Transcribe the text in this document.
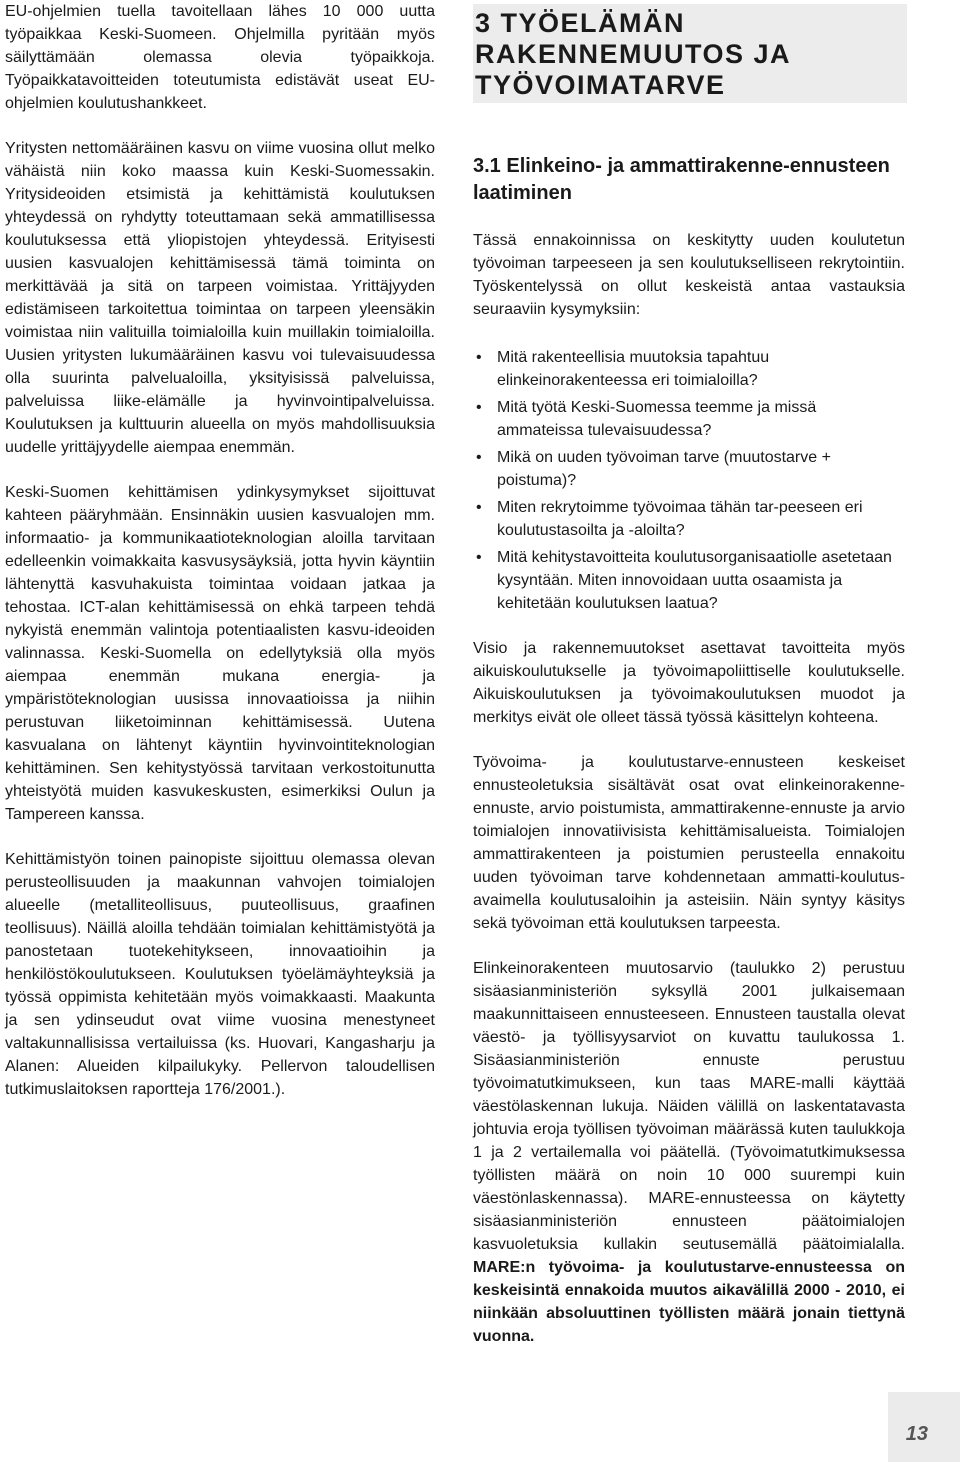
EU-ohjelmien tuella tavoitellaan lähes 10 000 uutta työpaikkaa Keski-Suomeen. Ohjelmilla pyritään myös säilyttämään olemassa olevia työpaikkoja. Työpaikkatavoitteiden toteutumista edistävät useat EU-ohjelmien koulutushankkeet.

Yritysten nettomääräinen kasvu on viime vuosina ollut melko vähäistä niin koko maassa kuin Keski-Suomessakin. Yritysideoiden etsimistä ja kehittämistä koulutuksen yhteydessä on ryhdytty toteuttamaan sekä ammatillisessa koulutuksessa että yliopistojen yhteydessä. Erityisesti uusien kasvualojen kehittämisessä tämä toiminta on merkittävää ja sitä on tarpeen voimistaa. Yrittäjyyden edistämiseen tarkoitettua toimintaa on tarpeen yleensäkin voimistaa niin valituilla toimialoilla kuin muillakin toimialoilla. Uusien yritysten lukumääräinen kasvu voi tulevaisuudessa olla suurinta palvelualoilla, yksityisissä palveluissa, palveluissa liike-elämälle ja hyvinvointipalveluissa. Koulutuksen ja kulttuurin alueella on myös mahdollisuuksia uudelle yrittäjyydelle aiempaa enemmän.

Keski-Suomen kehittämisen ydinkysymykset sijoittuvat kahteen pääryhmään. Ensinnäkin uusien kasvualojen mm. informaatio- ja kommunikaatioteknologian aloilla tarvitaan edelleenkin voimakkaita kasvusysäyksiä, jotta hyvin käyntiin lähtenyttä kasvuhakuista toimintaa voidaan jatkaa ja tehostaa. ICT-alan kehittämisessä on ehkä tarpeen tehdä nykyistä enemmän valintoja potentiaalisten kasvu-ideoiden valinnassa. Keski-Suomella on edellytyksiä olla myös aiempaa enemmän mukana energia- ja ympäristöteknologian uusissa innovaatioissa ja niihin perustuvan liiketoiminnan kehittämisessä. Uutena kasvualana on lähtenyt käyntiin hyvinvointiteknologian kehittäminen. Sen kehitystyössä tarvitaan verkostoitunutta yhteistyötä muiden kasvukeskusten, esimerkiksi Oulun ja Tampereen kanssa.

Kehittämistyön toinen painopiste sijoittuu olemassa olevan perusteollisuuden ja maakunnan vahvojen toimialojen alueelle (metalliteollisuus, puuteollisuus, graafinen teollisuus). Näillä aloilla tehdään toimialan kehittämistyötä ja panostetaan tuotekehitykseen, innovaatioihin ja henkilöstökoulutukseen. Koulutuksen työelämäyhteyksiä ja työssä oppimista kehitetään myös voimakkaasti. Maakunta ja sen ydinseudut ovat viime vuosina menestyneet valtakunnallisissa vertailuissa (ks. Huovari, Kangasharju ja Alanen: Alueiden kilpailukyky. Pellervon taloudellisen tutkimuslaitoksen raportteja 176/2001.).

3 TYÖELÄMÄN RAKENNEMUUTOS JA TYÖVOIMATARVE
3.1 Elinkeino- ja ammattirakenne-ennusteen laatiminen

Tässä ennakoinnissa on keskitytty uuden koulutetun työvoiman tarpeeseen ja sen koulutukselliseen rekrytointiin. Työskentelyssä on ollut keskeistä antaa vastauksia seuraaviin kysymyksiin:

• Mitä rakenteellisia muutoksia tapahtuu elinkeinorakenteessa eri toimialoilla?
• Mitä työtä Keski-Suomessa teemme ja missä ammateissa tulevaisuudessa?
• Mikä on uuden työvoiman tarve (muutostarve + poistuma)?
• Miten rekrytoimme työvoimaa tähän tar-peeseen eri koulutustasoilta ja -aloilta?
• Mitä kehitystavoitteita koulutusorganisaatiolle asetetaan kysyntään. Miten innovoidaan uutta osaamista ja kehitetään koulutuksen laatua?

Visio ja rakennemuutokset asettavat tavoitteita myös aikuiskoulutukselle ja työvoimapoliittiselle koulutukselle. Aikuiskoulutuksen ja työvoimakoulutuksen muodot ja merkitys eivät ole olleet tässä työssä käsittelyn kohteena.

Työvoima- ja koulutustarve-ennusteen keskeiset ennusteoletuksia sisältävät osat ovat elinkeinorakenne-ennuste, arvio poistumista, ammattirakenne-ennuste ja arvio toimialojen innovatiivisista kehittämisalueista. Toimialojen ammattirakenteen ja poistumien perusteella ennakoitu uuden työvoiman tarve kohdennetaan ammatti-koulutus-avaimella koulutusaloihin ja asteisiin. Näin syntyy käsitys sekä työvoiman että koulutuksen tarpeesta.

Elinkeinorakenteen muutosarvio (taulukko 2) perustuu sisäasianministeriön syksyllä 2001 julkaisemaan maakunnittaiseen ennusteeseen. Ennusteen taustalla olevat väestö- ja työllisyysarviot on kuvattu taulukossa 1. Sisäasianministeriön ennuste perustuu työvoimatutkimukseen, kun taas MARE-malli käyttää väestölaskennan lukuja. Näiden välillä on laskentatavasta johtuvia eroja työllisen työvoiman määrässä kuten taulukkoja 1 ja 2 vertailemalla voi päätellä. (Työvoimatutkimuksessa työllisten määrä on noin 10 000 suurempi kuin väestönlaskennassa). MARE-ennusteessa on käytetty sisäasianministeriön ennusteen päätoimialojen kasvuoletuksia kullakin seutusemällä päätoimialalla. MARE:n työvoima- ja koulutustarve-ennusteessa on keskeisintä ennakoida muutos aikavälillä 2000 - 2010, ei niinkään absoluuttinen työllisten määrä jonain tiettynä vuonna.

13
